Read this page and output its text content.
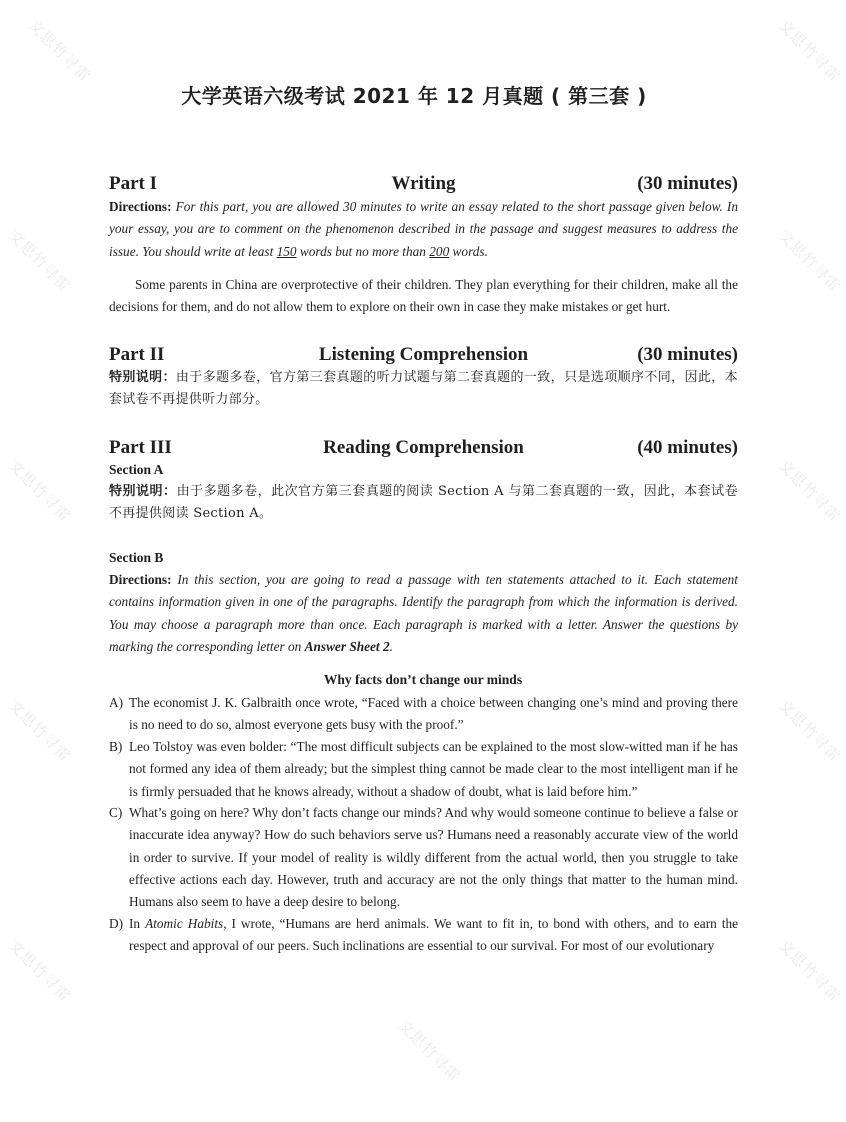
大学英语六级考试 2021 年 12 月真题 ( 第三套 )
Part I	Writing	(30 minutes)
Directions: For this part, you are allowed 30 minutes to write an essay related to the short passage given below. In your essay, you are to comment on the phenomenon described in the passage and suggest measures to address the issue. You should write at least 150 words but no more than 200 words.
Some parents in China are overprotective of their children. They plan everything for their children, make all the decisions for them, and do not allow them to explore on their own in case they make mistakes or get hurt.
Part II	Listening Comprehension	(30 minutes)
特别说明：由于多题多卷，官方第三套真题的听力试题与第二套真题的一致，只是选项顺序不同，因此，本套试卷不再提供听力部分。
Part III	Reading Comprehension	(40 minutes)
Section A
特别说明：由于多题多卷，此次官方第三套真题的阅读 Section A 与第二套真题的一致，因此，本套试卷不再提供阅读 Section A。
Section B
Directions: In this section, you are going to read a passage with ten statements attached to it. Each statement contains information given in one of the paragraphs. Identify the paragraph from which the information is derived. You may choose a paragraph more than once. Each paragraph is marked with a letter. Answer the questions by marking the corresponding letter on Answer Sheet 2.
Why facts don’t change our minds
A) The economist J. K. Galbraith once wrote, “Faced with a choice between changing one’s mind and proving there is no need to do so, almost everyone gets busy with the proof.”
B) Leo Tolstoy was even bolder: “The most difficult subjects can be explained to the most slow-witted man if he has not formed any idea of them already; but the simplest thing cannot be made clear to the most intelligent man if he is firmly persuaded that he knows already, without a shadow of doubt, what is laid before him.”
C) What’s going on here? Why don’t facts change our minds? And why would someone continue to believe a false or inaccurate idea anyway? How do such behaviors serve us? Humans need a reasonably accurate view of the world in order to survive. If your model of reality is wildly different from the actual world, then you struggle to take effective actions each day. However, truth and accuracy are not the only things that matter to the human mind. Humans also seem to have a deep desire to belong.
D) In Atomic Habits, I wrote, “Humans are herd animals. We want to fit in, to bond with others, and to earn the respect and approval of our peers. Such inclinations are essential to our survival. For most of our evolutionary
文思竹寻雷	文思竹寻雷
文思竹寻雷	文思竹寻雷
文思竹寻雷	文思竹寻雷
文思竹寻雷	文思竹寻雷
文思竹寻雷	文思竹寻雷
文思竹寻雷
